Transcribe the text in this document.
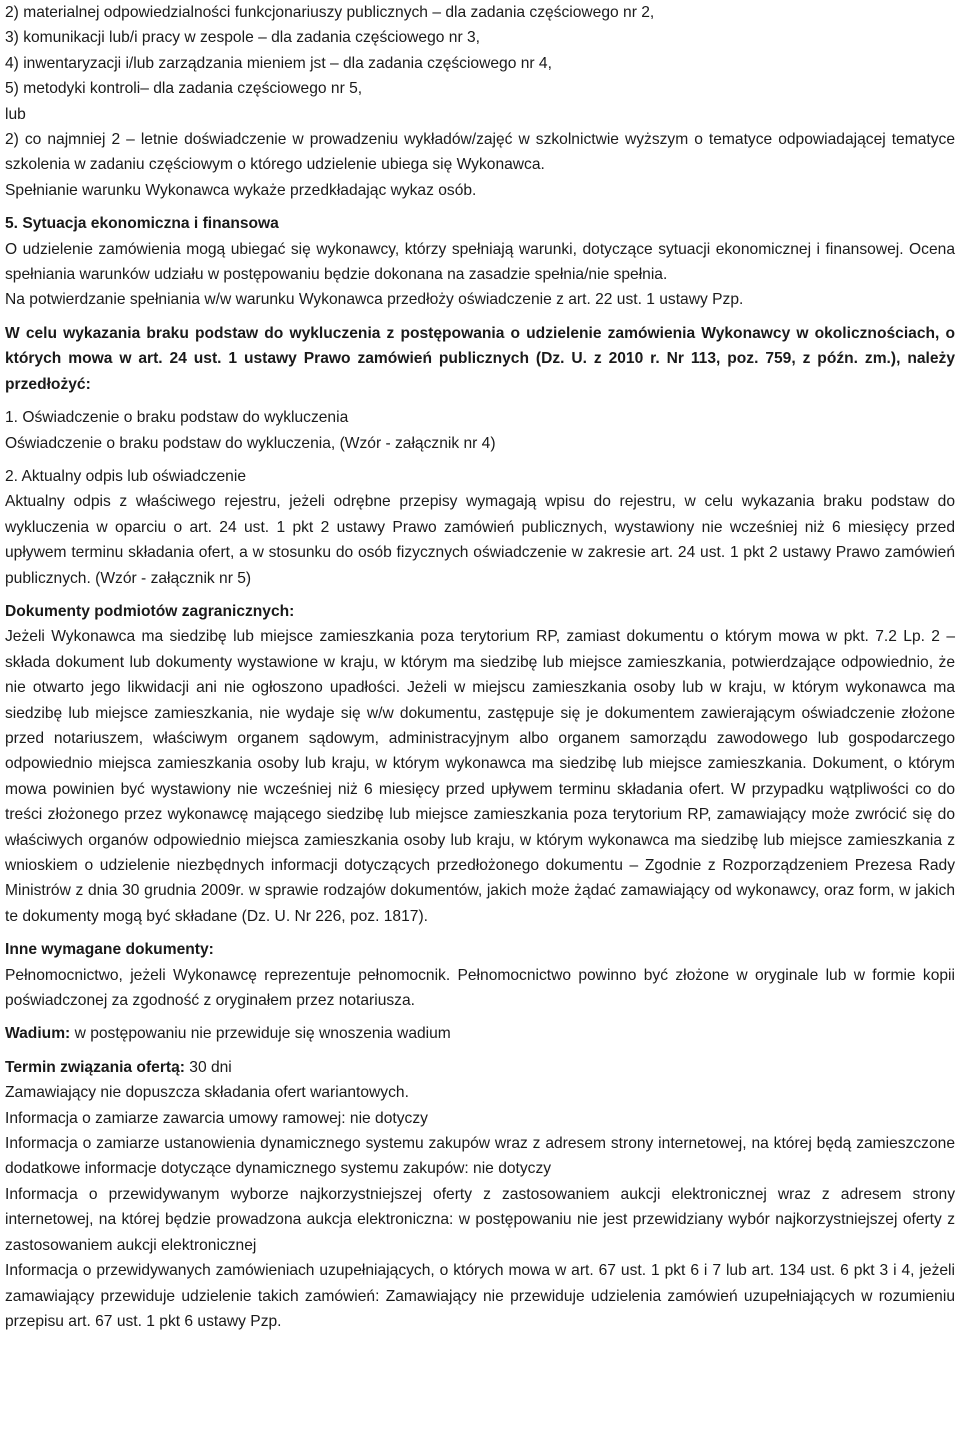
2) materialnej odpowiedzialności funkcjonariuszy publicznych – dla zadania częściowego nr 2,

3) komunikacji lub/i pracy w zespole – dla zadania częściowego nr 3,

4) inwentaryzacji i/lub zarządzania mieniem jst – dla zadania częściowego nr 4,

5) metodyki kontroli– dla zadania częściowego nr 5,

lub

2) co najmniej 2 – letnie doświadczenie w prowadzeniu wykładów/zajęć w szkolnictwie wyższym o tematyce odpowiadającej tematyce szkolenia w zadaniu częściowym o którego udzielenie ubiega się Wykonawca.

Spełnianie warunku Wykonawca wykaże przedkładając wykaz osób.

5. Sytuacja ekonomiczna i finansowa

O udzielenie zamówienia mogą ubiegać się wykonawcy, którzy spełniają warunki, dotyczące sytuacji ekonomicznej i finansowej. Ocena spełniania warunków udziału w postępowaniu będzie dokonana na zasadzie spełnia/nie spełnia.

Na potwierdzanie spełniania w/w warunku Wykonawca przedłoży oświadczenie z art. 22 ust. 1 ustawy Pzp.

W celu wykazania braku podstaw do wykluczenia z postępowania o udzielenie zamówienia Wykonawcy w okolicznościach, o których mowa w art. 24 ust. 1 ustawy Prawo zamówień publicznych (Dz. U. z 2010 r. Nr 113, poz. 759, z późn. zm.), należy przedłożyć:

1. Oświadczenie o braku podstaw do wykluczenia

Oświadczenie o braku podstaw do wykluczenia, (Wzór - załącznik nr 4)

2. Aktualny odpis lub oświadczenie

Aktualny odpis z właściwego rejestru, jeżeli odrębne przepisy wymagają wpisu do rejestru, w celu wykazania braku podstaw do wykluczenia w oparciu o art. 24 ust. 1 pkt 2 ustawy Prawo zamówień publicznych, wystawiony nie wcześniej niż 6 miesięcy przed upływem terminu składania ofert, a w stosunku do osób fizycznych oświadczenie w zakresie art. 24 ust. 1 pkt 2 ustawy Prawo zamówień publicznych. (Wzór - załącznik nr 5)

Dokumenty podmiotów zagranicznych:

Jeżeli Wykonawca ma siedzibę lub miejsce zamieszkania poza terytorium RP, zamiast dokumentu o którym mowa w pkt. 7.2 Lp. 2 – składa dokument lub dokumenty wystawione w kraju, w którym ma siedzibę lub miejsce zamieszkania, potwierdzające odpowiednio, że nie otwarto jego likwidacji ani nie ogłoszono upadłości. Jeżeli w miejscu zamieszkania osoby lub w kraju, w którym wykonawca ma siedzibę lub miejsce zamieszkania, nie wydaje się w/w dokumentu, zastępuje się je dokumentem zawierającym oświadczenie złożone przed notariuszem, właściwym organem sądowym, administracyjnym albo organem samorządu zawodowego lub gospodarczego odpowiednio miejsca zamieszkania osoby lub kraju, w którym wykonawca ma siedzibę lub miejsce zamieszkania. Dokument, o którym mowa powinien być wystawiony nie wcześniej niż 6 miesięcy przed upływem terminu składania ofert. W przypadku wątpliwości co do treści złożonego przez wykonawcę mającego siedzibę lub miejsce zamieszkania poza terytorium RP, zamawiający może zwrócić się do właściwych organów odpowiednio miejsca zamieszkania osoby lub kraju, w którym wykonawca ma siedzibę lub miejsce zamieszkania z wnioskiem o udzielenie niezbędnych informacji dotyczących przedłożonego dokumentu – Zgodnie z Rozporządzeniem Prezesa Rady Ministrów z dnia 30 grudnia 2009r. w sprawie rodzajów dokumentów, jakich może żądać zamawiający od wykonawcy, oraz form, w jakich te dokumenty mogą być składane (Dz. U. Nr 226, poz. 1817).

Inne wymagane dokumenty:

Pełnomocnictwo, jeżeli Wykonawcę reprezentuje pełnomocnik. Pełnomocnictwo powinno być złożone w oryginale lub w formie kopii poświadczonej za zgodność z oryginałem przez notariusza.

Wadium: w postępowaniu nie przewiduje się wnoszenia wadium

Termin związania ofertą: 30 dni

Zamawiający nie dopuszcza składania ofert wariantowych.

Informacja o zamiarze zawarcia umowy ramowej: nie dotyczy

Informacja o zamiarze ustanowienia dynamicznego systemu zakupów wraz z adresem strony internetowej, na której będą zamieszczone dodatkowe informacje dotyczące dynamicznego systemu zakupów: nie dotyczy

Informacja o przewidywanym wyborze najkorzystniejszej oferty z zastosowaniem aukcji elektronicznej wraz z adresem strony internetowej, na której będzie prowadzona aukcja elektroniczna: w postępowaniu nie jest przewidziany wybór najkorzystniejszej oferty z zastosowaniem aukcji elektronicznej

Informacja o przewidywanych zamówieniach uzupełniających, o których mowa w art. 67 ust. 1 pkt 6 i 7 lub art. 134 ust. 6 pkt 3 i 4, jeżeli zamawiający przewiduje udzielenie takich zamówień: Zamawiający nie przewiduje udzielenia zamówień uzupełniających w rozumieniu przepisu art. 67 ust. 1 pkt 6 ustawy Pzp.
